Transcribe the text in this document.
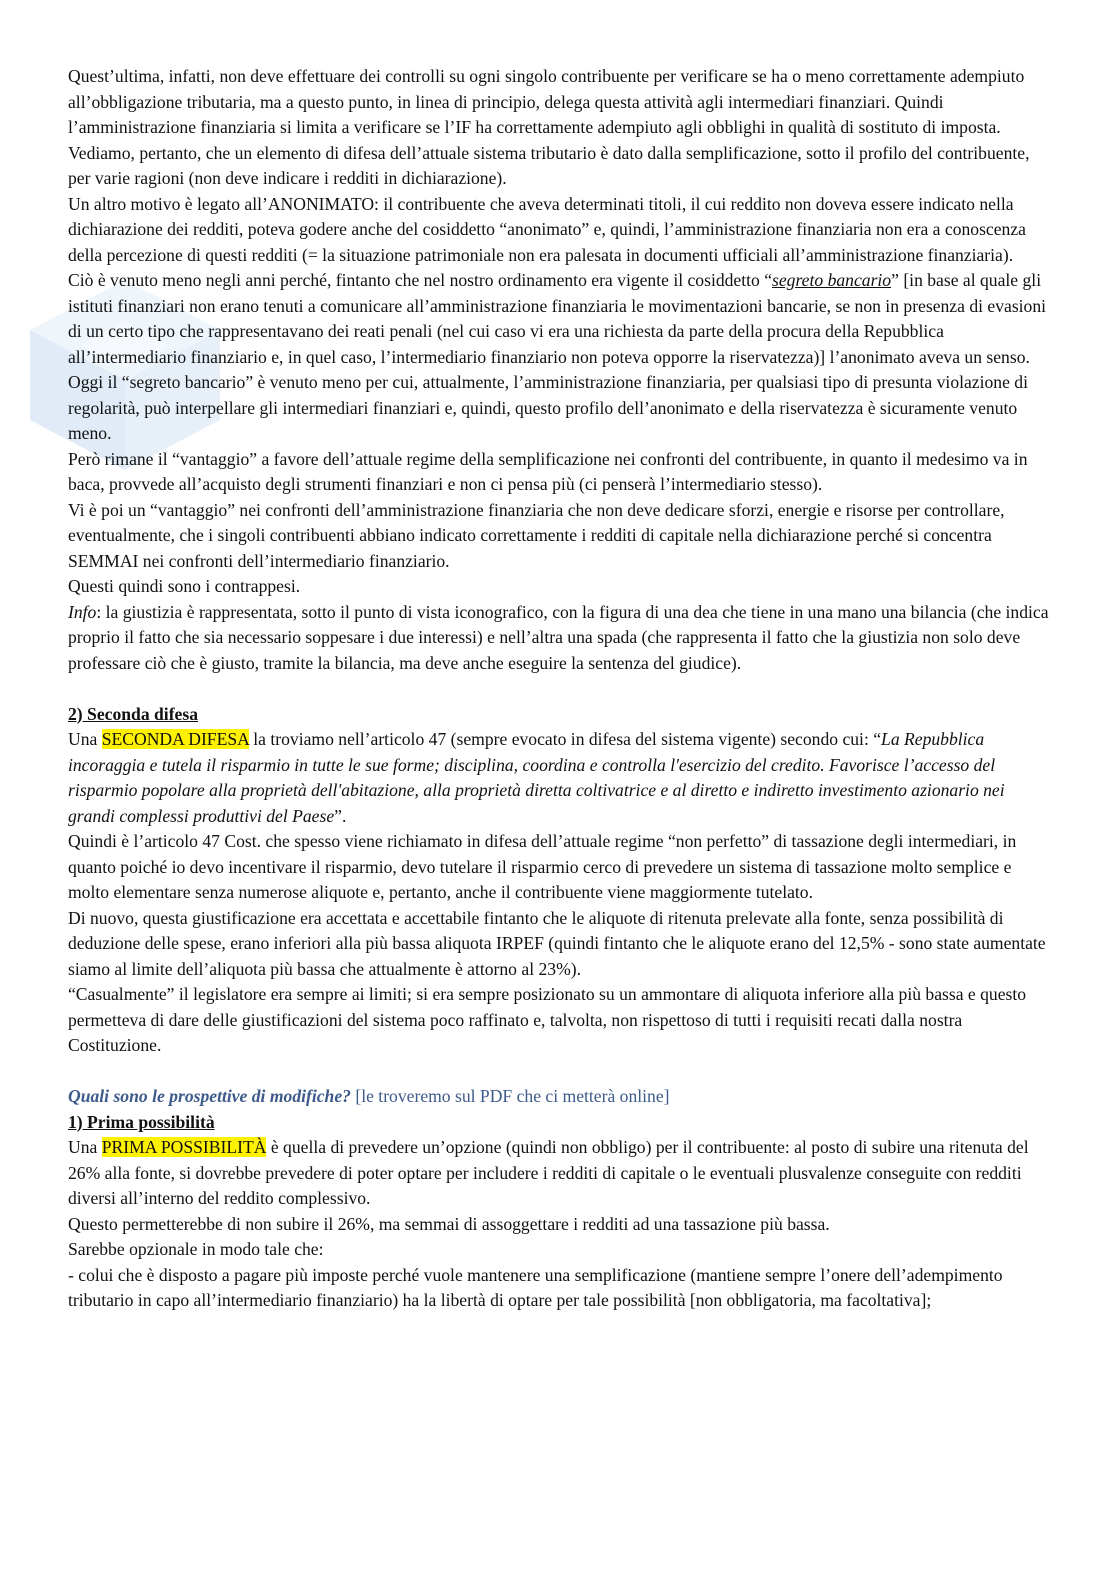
Quest’ultima, infatti, non deve effettuare dei controlli su ogni singolo contribuente per verificare se ha o meno correttamente adempiuto all’obbligazione tributaria, ma a questo punto, in linea di principio, delega questa attività agli intermediari finanziari. Quindi l’amministrazione finanziaria si limita a verificare se l’IF ha correttamente adempiuto agli obblighi in qualità di sostituto di imposta.

Vediamo, pertanto, che un elemento di difesa dell’attuale sistema tributario è dato dalla semplificazione, sotto il profilo del contribuente, per varie ragioni (non deve indicare i redditi in dichiarazione).

Un altro motivo è legato all’ANONIMATO: il contribuente che aveva determinati titoli, il cui reddito non doveva essere indicato nella dichiarazione dei redditi, poteva godere anche del cosiddetto “anonimato” e, quindi, l’amministrazione finanziaria non era a conoscenza della percezione di questi redditi (= la situazione patrimoniale non era palesata in documenti ufficiali all’amministrazione finanziaria).

Ciò è venuto meno negli anni perché, fintanto che nel nostro ordinamento era vigente il cosiddetto “segreto bancario” [in base al quale gli istituti finanziari non erano tenuti a comunicare all’amministrazione finanziaria le movimentazioni bancarie, se non in presenza di evasioni di un certo tipo che rappresentavano dei reati penali (nel cui caso vi era una richiesta da parte della procura della Repubblica all’intermediario finanziario e, in quel caso, l’intermediario finanziario non poteva opporre la riservatezza)] l’anonimato aveva un senso.

Oggi il “segreto bancario” è venuto meno per cui, attualmente, l’amministrazione finanziaria, per qualsiasi tipo di presunta violazione di regolarità, può interpellare gli intermediari finanziari e, quindi, questo profilo dell’anonimato e della riservatezza è sicuramente venuto meno.

Però rimane il “vantaggio” a favore dell’attuale regime della semplificazione nei confronti del contribuente, in quanto il medesimo va in baca, provvede all’acquisto degli strumenti finanziari e non ci pensa più (ci penserà l’intermediario stesso).

Vi è poi un “vantaggio” nei confronti dell’amministrazione finanziaria che non deve dedicare sforzi, energie e risorse per controllare, eventualmente, che i singoli contribuenti abbiano indicato correttamente i redditi di capitale nella dichiarazione perché si concentra SEMMAI nei confronti dell’intermediario finanziario.

Questi quindi sono i contrappesi.

Info: la giustizia è rappresentata, sotto il punto di vista iconografico, con la figura di una dea che tiene in una mano una bilancia (che indica proprio il fatto che sia necessario soppesare i due interessi) e nell’altra una spada (che rappresenta il fatto che la giustizia non solo deve professare ciò che è giusto, tramite la bilancia, ma deve anche eseguire la sentenza del giudice).

2) Seconda difesa

Una SECONDA DIFESA la troviamo nell’articolo 47 (sempre evocato in difesa del sistema vigente) secondo cui: “La Repubblica incoraggia e tutela il risparmio in tutte le sue forme; disciplina, coordina e controlla l'esercizio del credito. Favorisce l’accesso del risparmio popolare alla proprietà dell'abitazione, alla proprietà diretta coltivatrice e al diretto e indiretto investimento azionario nei grandi complessi produttivi del Paese”.

Quindi è l’articolo 47 Cost. che spesso viene richiamato in difesa dell’attuale regime “non perfetto” di tassazione degli intermediari, in quanto poiché io devo incentivare il risparmio, devo tutelare il risparmio cerco di prevedere un sistema di tassazione molto semplice e molto elementare senza numerose aliquote e, pertanto, anche il contribuente viene maggiormente tutelato.

Di nuovo, questa giustificazione era accettata e accettabile fintanto che le aliquote di ritenuta prelevate alla fonte, senza possibilità di deduzione delle spese, erano inferiori alla più bassa aliquota IRPEF (quindi fintanto che le aliquote erano del 12,5% - sono state aumentate siamo al limite dell’aliquota più bassa che attualmente è attorno al 23%).

“Casualmente” il legislatore era sempre ai limiti; si era sempre posizionato su un ammontare di aliquota inferiore alla più bassa e questo permetteva di dare delle giustificazioni del sistema poco raffinato e, talvolta, non rispettoso di tutti i requisiti recati dalla nostra Costituzione.

Quali sono le prospettive di modifiche? [le troveremo sul PDF che ci metterà online]

1) Prima possibilità

Una PRIMA POSSIBILITÀ è quella di prevedere un’opzione (quindi non obbligo) per il contribuente: al posto di subire una ritenuta del 26% alla fonte, si dovrebbe prevedere di poter optare per includere i redditi di capitale o le eventuali plusvalenze conseguite con redditi diversi all’interno del reddito complessivo.

Questo permetterebbe di non subire il 26%, ma semmai di assoggettare i redditi ad una tassazione più bassa.

Sarebbe opzionale in modo tale che:

- colui che è disposto a pagare più imposte perché vuole mantenere una semplificazione (mantiene sempre l’onere dell’adempimento tributario in capo all’intermediario finanziario) ha la libertà di optare per tale possibilità [non obbligatoria, ma facoltativa];
